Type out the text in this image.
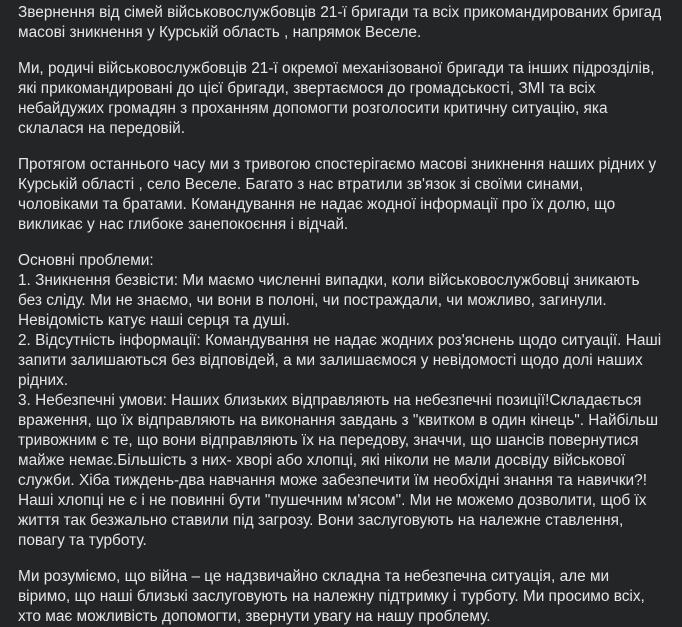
Звернення від сімей військовослужбовців 21-ї бригади та всіх прикомандированих бригад масові зникнення у Курській область , напрямок Веселе.

Ми, родичі військовослужбовців 21-ї окремої механізованої бригади та інших підрозділів, які прикомандировані до цієї бригади, звертаємося до громадськості, ЗМІ та всіх небайдужих громадян з проханням допомогти розголосити критичну ситуацію, яка склалася на передовій.

Протягом останнього часу ми з тривогою спостерігаємо масові зникнення наших рідних у Курській області , село Веселе. Багато з нас втратили зв'язок зі своїми синами, чоловіками та братами. Командування не надає жодної інформації про їх долю, що викликає у нас глибоке занепокоєння і відчай.

Основні проблеми:
1. Зникнення безвісти: Ми маємо численні випадки, коли військовослужбовці зникають без сліду. Ми не знаємо, чи вони в полоні, чи постраждали, чи можливо, загинули. Невідомість катує наші серця та душі.
2. Відсутність інформації: Командування не надає жодних роз'яснень щодо ситуації. Наші запити залишаються без відповідей, а ми залишаємося у невідомості щодо долі наших рідних.
3. Небезпечні умови: Наших близьких відправляють на небезпечні позиції!Складається враження, що їх відправляють на виконання завдань з "квитком в один кінець". Найбільш тривожним є те, що вони відправляють їх на передову, значчи, що шансів повернутися майже немає.Більшість з них- хворі або хлопці, які ніколи не мали досвіду військової служби. Хіба тиждень-два навчання може забезпечити їм необхідні знання та навички?! Наші хлопці не є і не повинні бути "пушечним м'ясом". Ми не можемо дозволити, щоб їх життя так безжально ставили під загрозу. Вони заслуговують на належне ставлення, повагу та турботу.

Ми розуміємо, що війна – це надзвичайно складна та небезпечна ситуація, але ми віримо, що наші близькі заслуговують на належну підтримку і турботу. Ми просимо всіх, хто має можливість допомогти, звернути увагу на нашу проблему.
